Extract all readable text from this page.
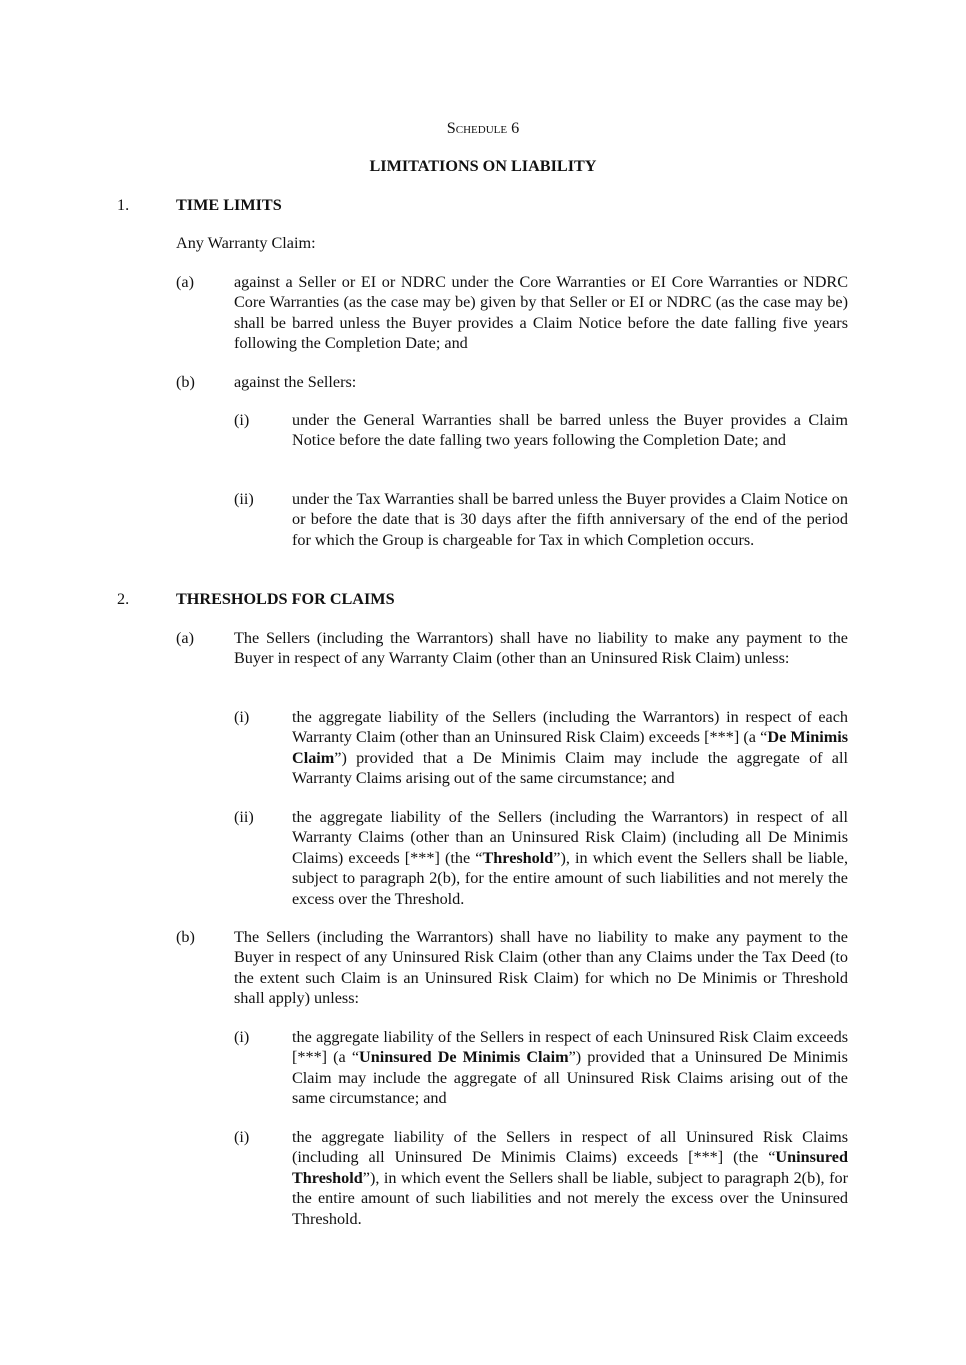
Schedule 6
LIMITATIONS ON LIABILITY
1.	TIME LIMITS
Any Warranty Claim:
(a) against a Seller or EI or NDRC under the Core Warranties or EI Core Warranties or NDRC Core Warranties (as the case may be) given by that Seller or EI or NDRC (as the case may be) shall be barred unless the Buyer provides a Claim Notice before the date falling five years following the Completion Date; and
(b) against the Sellers:
(i)	under the General Warranties shall be barred unless the Buyer provides a Claim Notice before the date falling two years following the Completion Date; and
(ii) under the Tax Warranties shall be barred unless the Buyer provides a Claim Notice on or before the date that is 30 days after the fifth anniversary of the end of the period for which the Group is chargeable for Tax in which Completion occurs.
2.	THRESHOLDS FOR CLAIMS
(a) The Sellers (including the Warrantors) shall have no liability to make any payment to the Buyer in respect of any Warranty Claim (other than an Uninsured Risk Claim) unless:
(i)	the aggregate liability of the Sellers (including the Warrantors) in respect of each Warranty Claim (other than an Uninsured Risk Claim) exceeds [***] (a “De Minimis Claim”) provided that a De Minimis Claim may include the aggregate of all Warranty Claims arising out of the same circumstance; and
(ii) the aggregate liability of the Sellers (including the Warrantors) in respect of all Warranty Claims (other than an Uninsured Risk Claim) (including all De Minimis Claims) exceeds [***] (the “Threshold”), in which event the Sellers shall be liable, subject to paragraph 2(b), for the entire amount of such liabilities and not merely the excess over the Threshold.
(b) The Sellers (including the Warrantors) shall have no liability to make any payment to the Buyer in respect of any Uninsured Risk Claim (other than any Claims under the Tax Deed (to the extent such Claim is an Uninsured Risk Claim) for which no De Minimis or Threshold shall apply) unless:
(i)	the aggregate liability of the Sellers in respect of each Uninsured Risk Claim exceeds [***] (a “Uninsured De Minimis Claim”) provided that a Uninsured De Minimis Claim may include the aggregate of all Uninsured Risk Claims arising out of the same circumstance; and
(i)	the aggregate liability of the Sellers in respect of all Uninsured Risk Claims (including all Uninsured De Minimis Claims) exceeds [***] (the “Uninsured Threshold”), in which event the Sellers shall be liable, subject to paragraph 2(b), for the entire amount of such liabilities and not merely the excess over the Uninsured Threshold.
